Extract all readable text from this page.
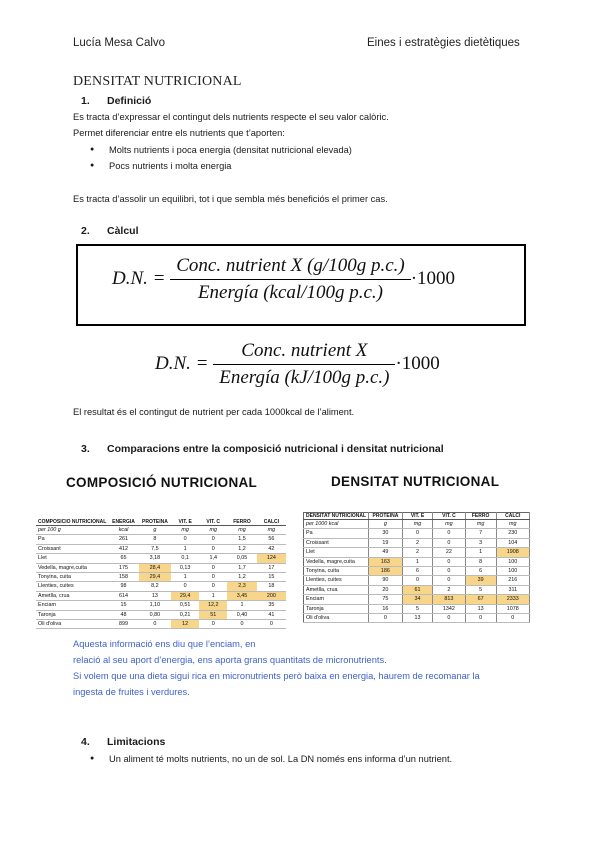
Lucía Mesa Calvo	Eines i estratègies dietètiques
DENSITAT NUTRICIONAL
1. Definició
Es tracta d’expressar el contingut dels nutrients respecte el seu valor calòric.
Permet diferenciar entre els nutrients que t’aporten:
● Molts nutrients i poca energia (densitat nutricional elevada)
● Pocs nutrients i molta energia
Es tracta d’assolir un equilibri, tot i que sembla més beneficiós el primer cas.
2. Càlcul
D.N. = $\frac{\text{Conc. nutrient X (g/100g p.c.)}}{\text{Energía (kcal/100g p.c.)}} \cdot 1000$
D.N. = $\frac{\text{Conc. nutrient X}}{\text{Energía (kJ/100g p.c.)}} \cdot 1000$
El resultat és el contingut de nutrient per cada 1000kcal de l’aliment.
3. Comparacions entre la composició nutricional i densitat nutricional
COMPOSICIÓ NUTRICIONAL	DENSITAT NUTRICIONAL
COMPOSICIÓ NUTRICIONAL	ENERGIA	PROTEÏNA	VIT. E	VIT. C	FERRO	CALCI
per 100 g	kcal	g	mg	mg	mg	mg
Pa	261	8	0	0	1,5	56
Croissant	412	7,5	1	0	1,2	42
Llet	65	3,18	0,1	1,4	0,05	124
Vedella, magre,cuita	175	28,4	0,13	0	1,7	17
Tonyina, cuita	158	29,4	1	0	1,2	15
Llenties, cuites	98	8,2	0	0	2,3	18
Ametlla, crua	614	13	29,4	1	3,45	200
Enciam	15	1,10	0,51	12,2	1	35
Taronja	48	0,80	0,21	51	0,40	41
Oli d'oliva	899	0	12	0	0	0
DENSITAT NUTRICIONAL	PROTEÏNA	VIT. E	VIT. C	FERRO	CALCI
per 1000 kcal	g	mg	mg	mg	mg
Pa	30	0	0	7	230
Croissant	19	2	0	3	104
Llet	49	2	22	1	1908
Vedella, magre,cuita	163	1	0	8	100
Tonyina, cuita	186	6	0	6	100
Llenties, cuites	90	0	0	39	216
Ametlla, crua	20	61	2	5	311
Enciam	75	34	813	67	2333
Taronja	16	5	1342	13	1078
Oli d'oliva	0	13	0	0	0
Aquesta informació ens diu que l’enciam, en
relació al seu aport d’energia, ens aporta grans quantitats de micronutrients.
Si volem que una dieta sigui rica en micronutrients però baixa en energia, haurem de recomanar la
ingesta de fruites i verdures.
4. Limitacions
● Un aliment té molts nutrients, no un de sol. La DN només ens informa d’un nutrient.
